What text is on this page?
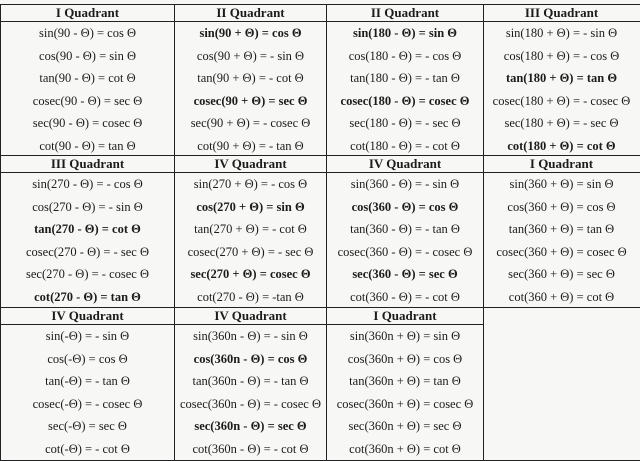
I Quadrant
sin(90 - Θ) = cos Θ
cos(90 - Θ) = sin Θ
tan(90 - Θ) = cot Θ
cosec(90 - Θ) = sec Θ
sec(90 - Θ) = cosec Θ
cot(90 - Θ) = tan Θ
II Quadrant
sin(90 + Θ) = cos Θ
cos(90 + Θ) = - sin Θ
tan(90 + Θ) = - cot Θ
cosec(90 + Θ) = sec Θ
sec(90 + Θ) = - cosec Θ
cot(90 + Θ) = - tan Θ
II Quadrant
sin(180 - Θ) = sin Θ
cos(180 - Θ) = - cos Θ
tan(180 - Θ) = - tan Θ
cosec(180 - Θ) = cosec Θ
sec(180 - Θ) = - sec Θ
cot(180 - Θ) = - cot Θ
III Quadrant
sin(180 + Θ) = - sin Θ
cos(180 + Θ) = - cos Θ
tan(180 + Θ) = tan Θ
cosec(180 + Θ) = - cosec Θ
sec(180 + Θ) = - sec Θ
cot(180 + Θ) = cot Θ
III Quadrant
sin(270 - Θ) = - cos Θ
cos(270 - Θ) = - sin Θ
tan(270 - Θ) = cot Θ
cosec(270 - Θ) = - sec Θ
sec(270 - Θ) = - cosec Θ
cot(270 - Θ) = tan Θ
IV Quadrant
sin(270 + Θ) = - cos Θ
cos(270 + Θ) = sin Θ
tan(270 + Θ) = - cot Θ
cosec(270 + Θ) = - sec Θ
sec(270 + Θ) = cosec Θ
cot(270 - Θ) = -tan Θ
IV Quadrant
sin(360 - Θ) = - sin Θ
cos(360 - Θ) = cos Θ
tan(360 - Θ) = - tan Θ
cosec(360 - Θ) = - cosec Θ
sec(360 - Θ) = sec Θ
cot(360 - Θ) = - cot Θ
I Quadrant
sin(360 + Θ) = sin Θ
cos(360 + Θ) = cos Θ
tan(360 + Θ) = tan Θ
cosec(360 + Θ) = cosec Θ
sec(360 + Θ) = sec Θ
cot(360 + Θ) = cot Θ
IV Quadrant
sin(-Θ) = - sin Θ
cos(-Θ) = cos Θ
tan(-Θ) = - tan Θ
cosec(-Θ) = - cosec Θ
sec(-Θ) = sec Θ
cot(-Θ) = - cot Θ
IV Quadrant
sin(360n - Θ) = - sin Θ
cos(360n - Θ) = cos Θ
tan(360n - Θ) = - tan Θ
cosec(360n - Θ) = - cosec Θ
sec(360n - Θ) = sec Θ
cot(360n - Θ) = - cot Θ
I Quadrant
sin(360n + Θ) = sin Θ
cos(360n + Θ) = cos Θ
tan(360n + Θ) = tan Θ
cosec(360n + Θ) = cosec Θ
sec(360n + Θ) = sec Θ
cot(360n + Θ) = cot Θ
